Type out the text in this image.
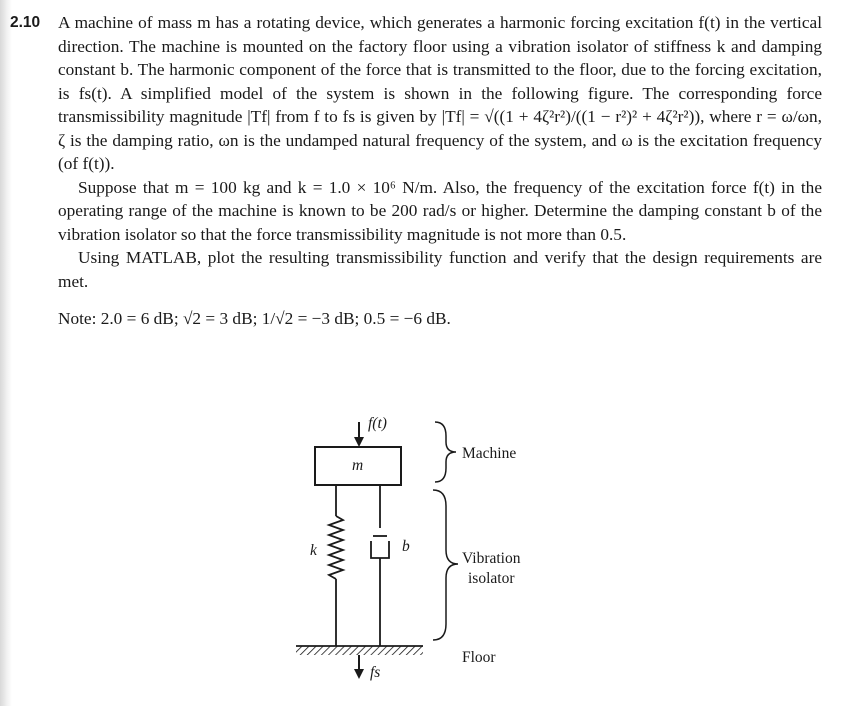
2.10 A machine of mass m has a rotating device, which generates a harmonic forcing excitation f(t) in the vertical direction. The machine is mounted on the factory floor using a vibration isolator of stiffness k and damping constant b. The harmonic component of the force that is transmitted to the floor, due to the forcing excitation, is fs(t). A simplified model of the system is shown in the following figure. The corresponding force transmissibility magnitude |Tf| from f to fs is given by |Tf| = √((1 + 4ζ²r²)/((1 − r²)² + 4ζ²r²)), where r = ω/ωn, ζ is the damping ratio, ωn is the undamped natural frequency of the system, and ω is the excitation frequency (of f(t)).

Suppose that m = 100 kg and k = 1.0 × 10⁶ N/m. Also, the frequency of the excitation force f(t) in the operating range of the machine is known to be 200 rad/s or higher. Determine the damping constant b of the vibration isolator so that the force transmissibility magnitude is not more than 0.5.

Using MATLAB, plot the resulting transmissibility function and verify that the design requirements are met.

Note: 2.0 = 6 dB; √2 = 3 dB; 1/√2 = −3 dB; 0.5 = −6 dB.

f(t)
m
k	b
fs
Machine
Vibration
isolator
Floor
